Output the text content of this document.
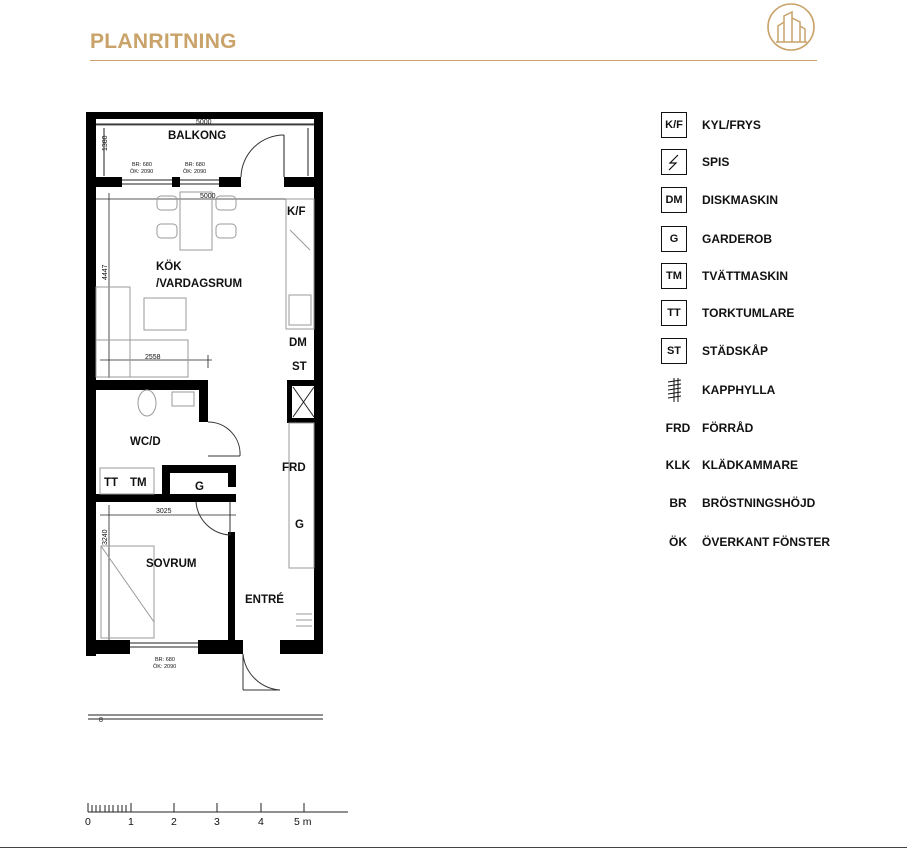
PLANRITNING
BALKONG
KÖK
/VARDAGSRUM
WC/D
SOVRUM
ENTRÉ
K/F
DM
ST
FRD
G
G
TT TM
5000
5000
2558
3025
1380
4447
3240
BR: 680
ÖK: 2090
BR: 680
ÖK: 2090
BR: 680
ÖK: 2090
8
0	1	2	3	4	5 m
K/F	KYL/FRYS
SPIS
DM	DISKMASKIN
G	GARDEROB
TM	TVÄTTMASKIN
TT	TORKTUMLARE
ST	STÄDSKÅP
KAPPHYLLA
FRD FÖRRÅD
KLK KLÄDKAMMARE
BR	BRÖSTNINGSHÖJD
ÖK	ÖVERKANT FÖNSTER
